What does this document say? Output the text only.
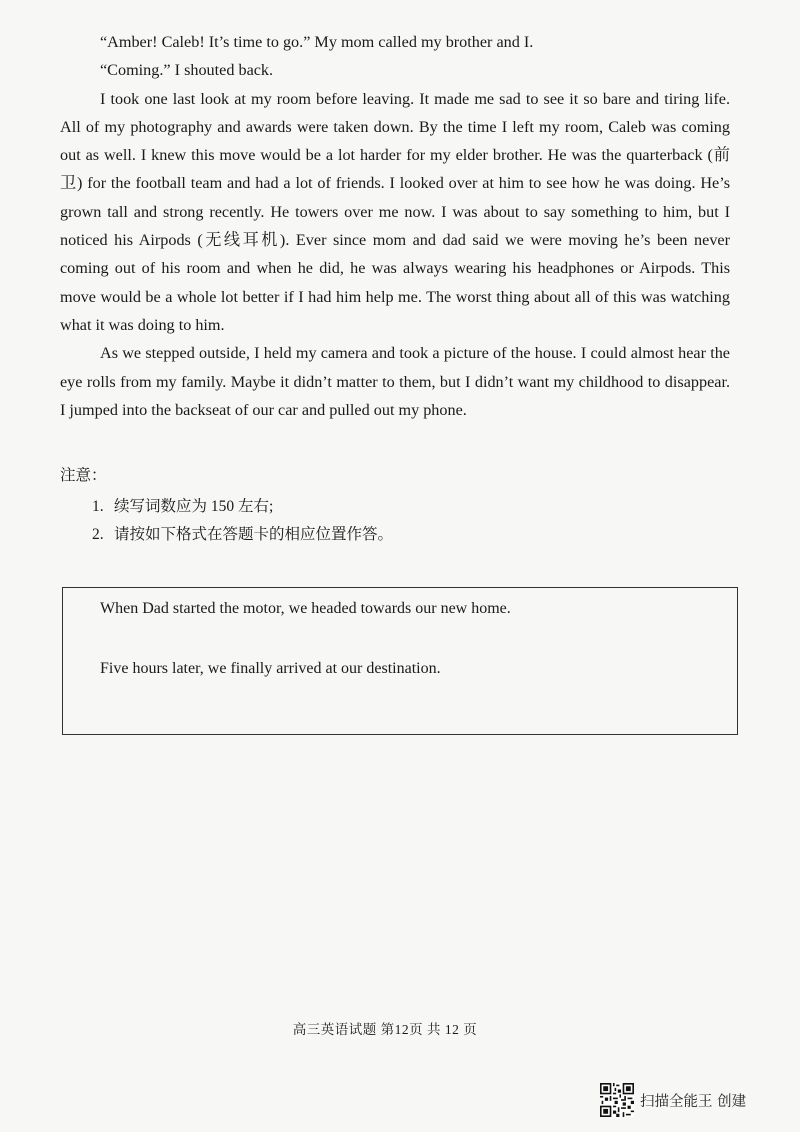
“Amber! Caleb! It’s time to go.” My mom called my brother and I.

“Coming.” I shouted back.

I took one last look at my room before leaving. It made me sad to see it so bare and tiring life. All of my photography and awards were taken down. By the time I left my room, Caleb was coming out as well. I knew this move would be a lot harder for my elder brother. He was the quarterback (前卫) for the football team and had a lot of friends. I looked over at him to see how he was doing. He’s grown tall and strong recently. He towers over me now. I was about to say something to him, but I noticed his Airpods (无线耳机). Ever since mom and dad said we were moving he’s been never coming out of his room and when he did, he was always wearing his headphones or Airpods. This move would be a whole lot better if I had him help me. The worst thing about all of this was watching what it was doing to him.

As we stepped outside, I held my camera and took a picture of the house. I could almost hear the eye rolls from my family. Maybe it didn’t matter to them, but I didn’t want my childhood to disappear. I jumped into the backseat of our car and pulled out my phone.

注意：
1. 续写词数应为 150 左右;
2. 请按如下格式在答题卡的相应位置作答。
When Dad started the motor, we headed towards our new home.
Five hours later, we finally arrived at our destination.
高三英语试题 第12页 共 12 页
扫描全能王 创建
